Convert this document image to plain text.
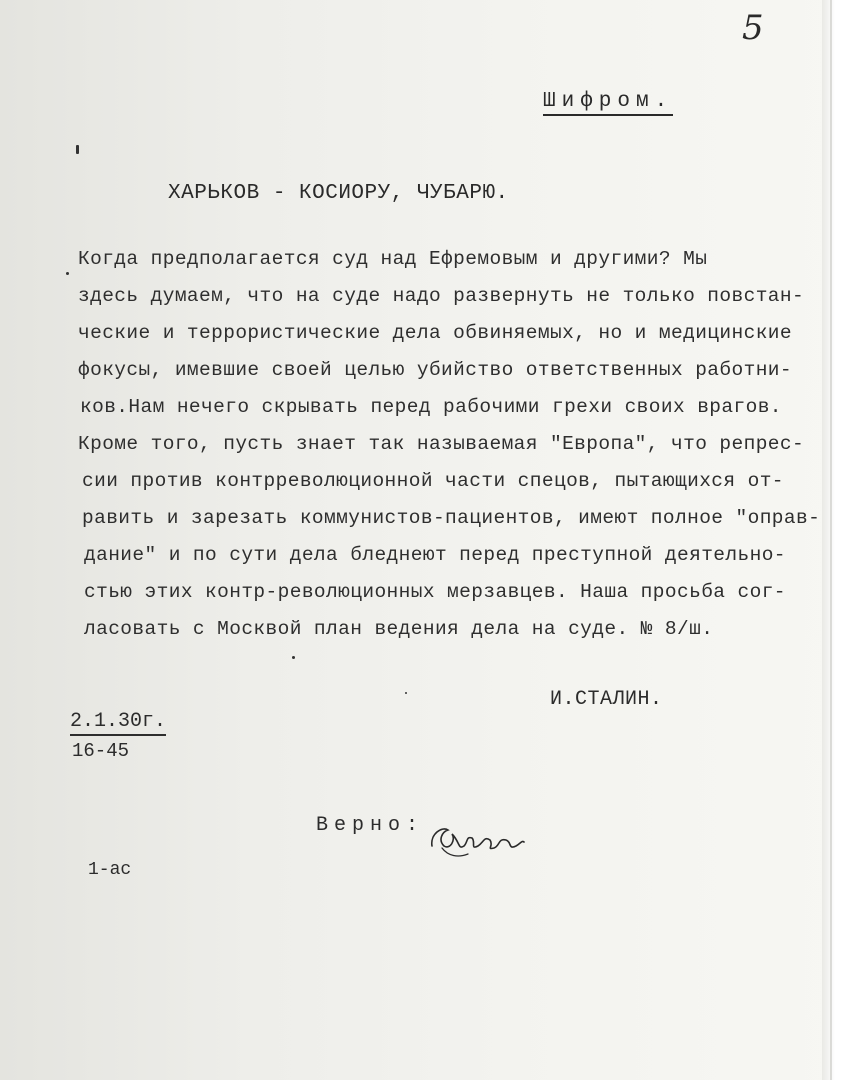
5
Шифром.
ХАРЬКОВ - КОСИОРУ, ЧУБАРЮ.
Когда предполагается суд над Ефремовым и другими? Мы
здесь думаем, что на суде надо развернуть не только повстан-
ческие и террористические дела обвиняемых, но и медицинские
фокусы, имевшие своей целью убийство ответственных работни-
ков.Нам нечего скрывать перед рабочими грехи своих врагов.
Кроме того, пусть знает так называемая "Европа", что репрес-
сии против контрреволюционной части спецов, пытающихся от-
равить и зарезать коммунистов-пациентов, имеют полное "оправ-
дание" и по сути дела бледнеют перед преступной деятельно-
стью этих контр-революционных мерзавцев. Наша просьба сог-
ласовать с Москвой план ведения дела на суде. № 8/ш.
И.СТАЛИН.
2.1.30г.
16-45
Верно:
1-ас
